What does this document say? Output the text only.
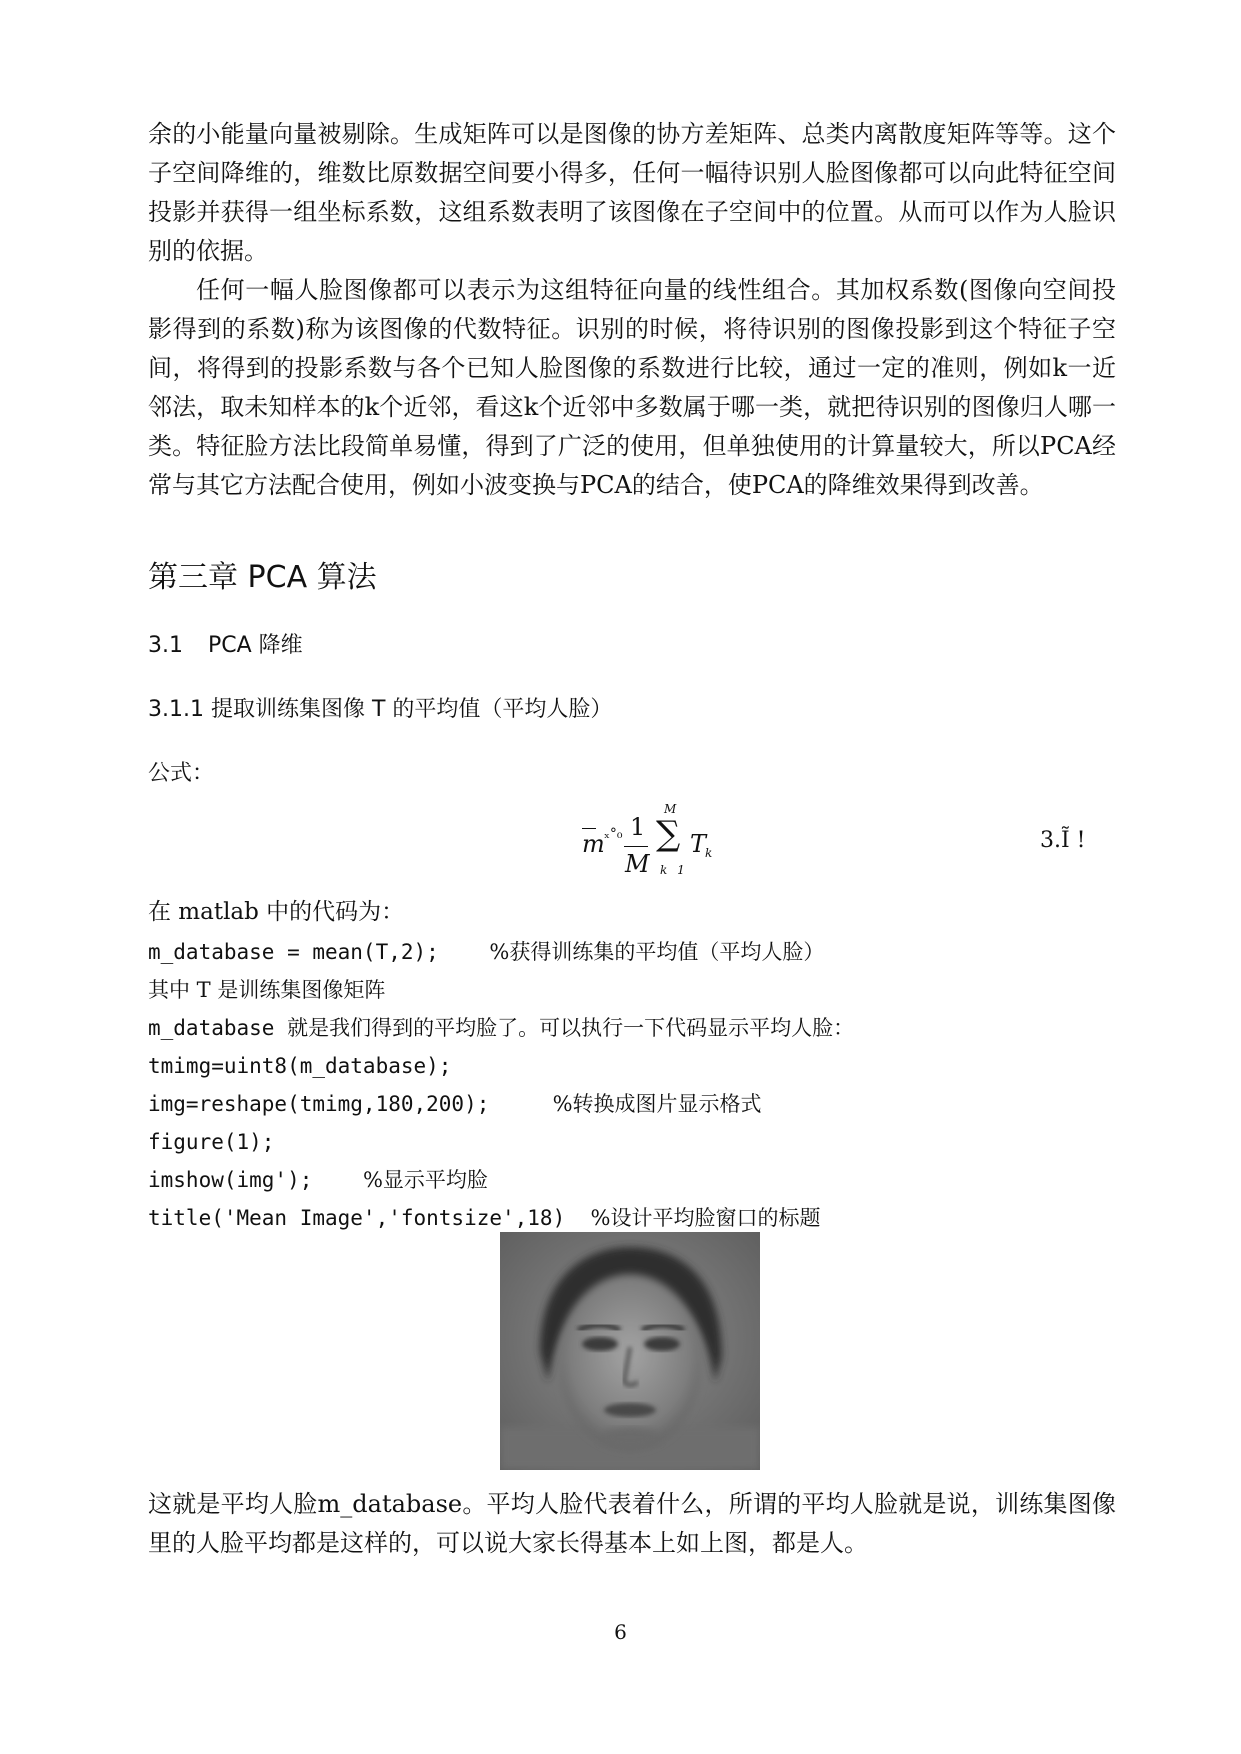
余的小能量向量被剔除。生成矩阵可以是图像的协方差矩阵、总类内离散度矩阵等等。这个子空间降维的，维数比原数据空间要小得多，任何一幅待识别人脸图像都可以向此特征空间投影并获得一组坐标系数，这组系数表明了该图像在子空间中的位置。从而可以作为人脸识别的依据。

任何一幅人脸图像都可以表示为这组特征向量的线性组合。其加权系数(图像向空间投影得到的系数)称为该图像的代数特征。识别的时候，将待识别的图像投影到这个特征子空间，将得到的投影系数与各个已知人脸图像的系数进行比较，通过一定的准则，例如k一近邻法，取未知样本的k个近邻，看这k个近邻中多数属于哪一类，就把待识别的图像归人哪一类。特征脸方法比段简单易懂，得到了广泛的使用，但单独使用的计算量较大，所以PCA经常与其它方法配合使用，例如小波变换与PCA的结合，使PCA的降维效果得到改善。

第三章 PCA 算法
3.1 PCA 降维
3.1.1 提取训练集图像 T 的平均值（平均人脸）

公式：

m ₓ°₀ 1
M
M
∑
k 1
T
k	3.Ĩ !

在 matlab 中的代码为：

m_database = mean(T,2);    %获得训练集的平均值（平均人脸）

其中 T 是训练集图像矩阵

m_database 就是我们得到的平均脸了。可以执行一下代码显示平均人脸：

tmimg=uint8(m_database);

img=reshape(tmimg,180,200);     %转换成图片显示格式

figure(1);

imshow(img');    %显示平均脸

title('Mean Image','fontsize',18)  %设计平均脸窗口的标题

这就是平均人脸m_database。平均人脸代表着什么，所谓的平均人脸就是说，训练集图像里的人脸平均都是这样的，可以说大家长得基本上如上图，都是人。

6
